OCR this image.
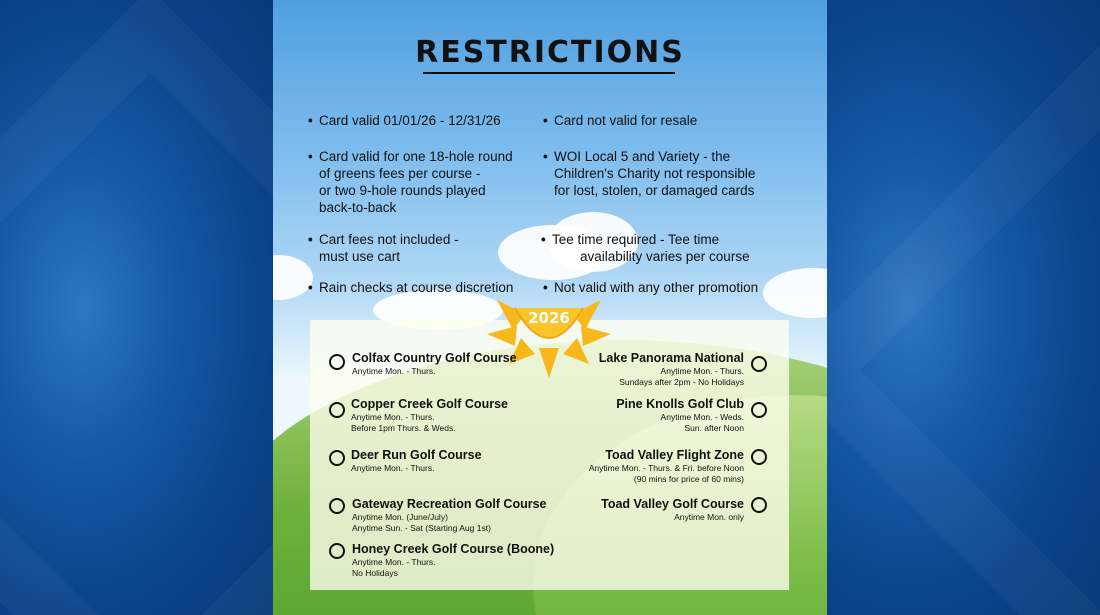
RESTRICTIONS
• Card valid 01/01/26 - 12/31/26
• Card valid for one 18-hole round
of greens fees per course -
or two 9-hole rounds played
back-to-back
• Cart fees not included -
must use cart
• Rain checks at course discretion
• Card not valid for resale
• WOI Local 5 and Variety - the
Children's Charity not responsible
for lost, stolen, or damaged cards
• Tee time required - Tee time
availability varies per course
• Not valid with any other promotion
2026
Colfax Country Golf Course
Anytime Mon. - Thurs.
Copper Creek Golf Course
Anytime Mon. - Thurs.
Before 1pm Thurs. & Weds.
Deer Run Golf Course
Anytime Mon. - Thurs.
Gateway Recreation Golf Course
Anytime Mon. (June/July)
Anytime Sun. - Sat (Starting Aug 1st)
Honey Creek Golf Course (Boone)
Anytime Mon. - Thurs.
No Holidays
Lake Panorama National
Anytime Mon. - Thurs.
Sundays after 2pm - No Holidays
Pine Knolls Golf Club
Anytime Mon. - Weds.
Sun. after Noon
Toad Valley Flight Zone
Anytime Mon. - Thurs. & Fri. before Noon
(90 mins for price of 60 mins)
Toad Valley Golf Course
Anytime Mon. only
